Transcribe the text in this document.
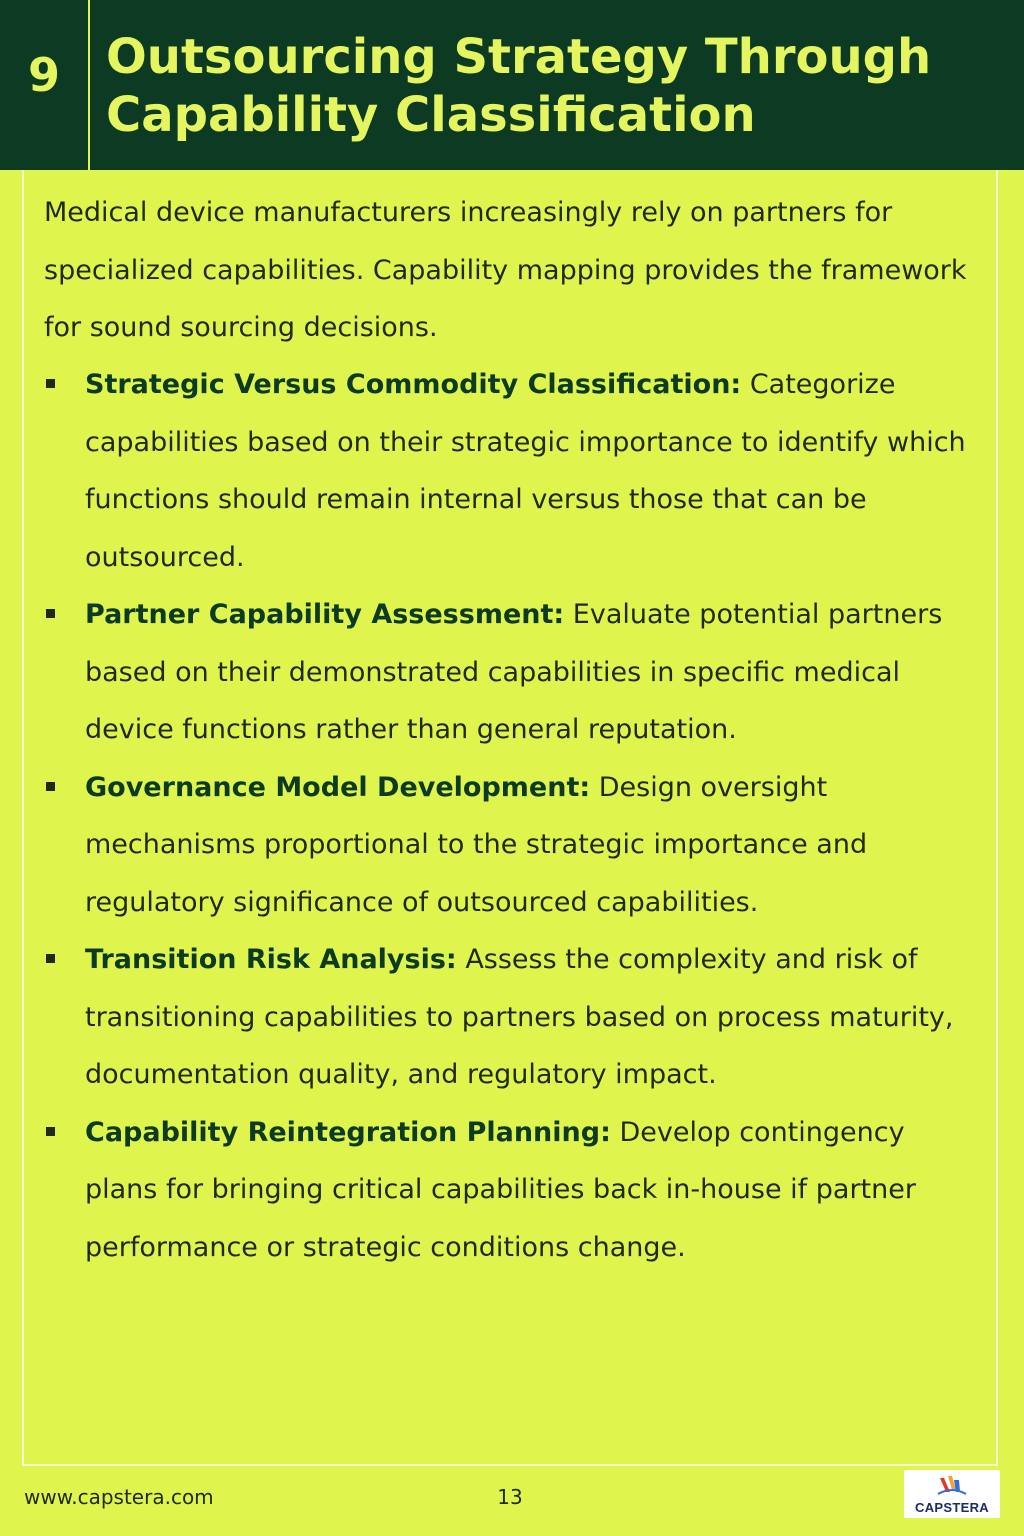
9 Outsourcing Strategy Through Capability Classification

Medical device manufacturers increasingly rely on partners for specialized capabilities. Capability mapping provides the framework for sound sourcing decisions.

Strategic Versus Commodity Classification: Categorize capabilities based on their strategic importance to identify which functions should remain internal versus those that can be outsourced.
Partner Capability Assessment: Evaluate potential partners based on their demonstrated capabilities in specific medical device functions rather than general reputation.
Governance Model Development: Design oversight mechanisms proportional to the strategic importance and regulatory significance of outsourced capabilities.
Transition Risk Analysis: Assess the complexity and risk of transitioning capabilities to partners based on process maturity, documentation quality, and regulatory impact.
Capability Reintegration Planning: Develop contingency plans for bringing critical capabilities back in-house if partner performance or strategic conditions change.
www.capstera.com	13	CAPSTERA
